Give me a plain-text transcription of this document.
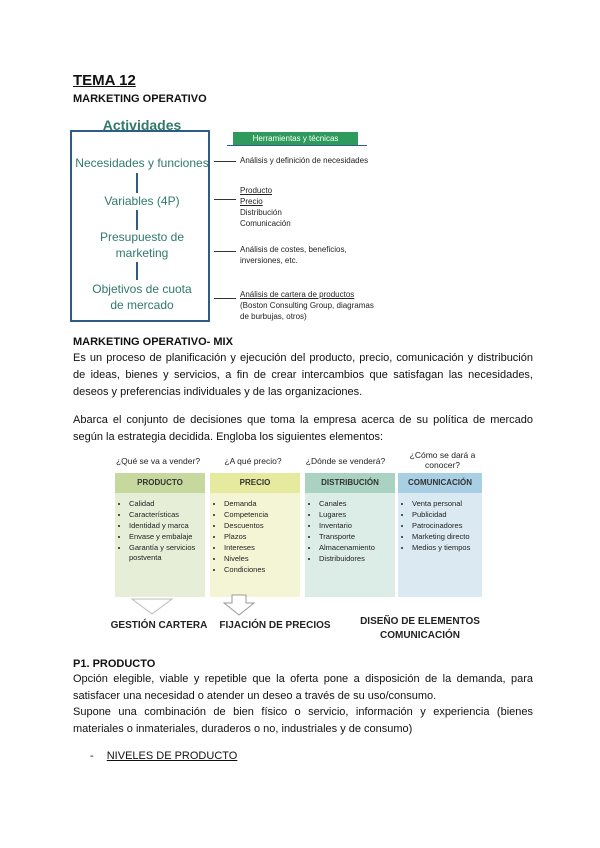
TEMA 12
MARKETING OPERATIVO
Actividades
Necesidades y funciones
Variables (4P)
Presupuesto de marketing
Objetivos de cuota de mercado
Herramientas y técnicas
Análisis y definición de necesidades
Producto
Precio
Distribución
Comunicación
Análisis de costes, beneficios, inversiones, etc.
Análisis de cartera de productos
(Boston Consulting Group, diagramas de burbujas, otros)
MARKETING OPERATIVO- MIX
Es un proceso de planificación y ejecución del producto, precio, comunicación y distribución de ideas, bienes y servicios, a fin de crear intercambios que satisfagan las necesidades, deseos y preferencias individuales y de las organizaciones.
Abarca el conjunto de decisiones que toma la empresa acerca de su política de mercado según la estrategia decidida. Engloba los siguientes elementos:
¿Qué se va a vender?	¿A qué precio?	¿Dónde se venderá?
¿Cómo se dará a conocer?
PRODUCTO
• Calidad
• Características
• Identidad y marca
• Envase y embalaje
• Garantía y servicios postventa
PRECIO
• Demanda
• Competencia
• Descuentos
• Plazos
• Intereses
• Niveles
• Condiciones
DISTRIBUCIÓN
• Canales
• Lugares
• Inventario
• Transporte
• Almacenamiento
• Distribuidores
COMUNICACIÓN
• Venta personal
• Publicidad
• Patrocinadores
• Marketing directo
• Medios y tiempos
GESTIÓN CARTERA	FIJACIÓN DE PRECIOS	DISEÑO DE ELEMENTOS COMUNICACIÓN
P1. PRODUCTO
Opción elegible, viable y repetible que la oferta pone a disposición de la demanda, para satisfacer una necesidad o atender un deseo a través de su uso/consumo.
Supone una combinación de bien físico o servicio, información y experiencia (bienes materiales o inmateriales, duraderos o no, industriales y de consumo)
- NIVELES DE PRODUCTO
